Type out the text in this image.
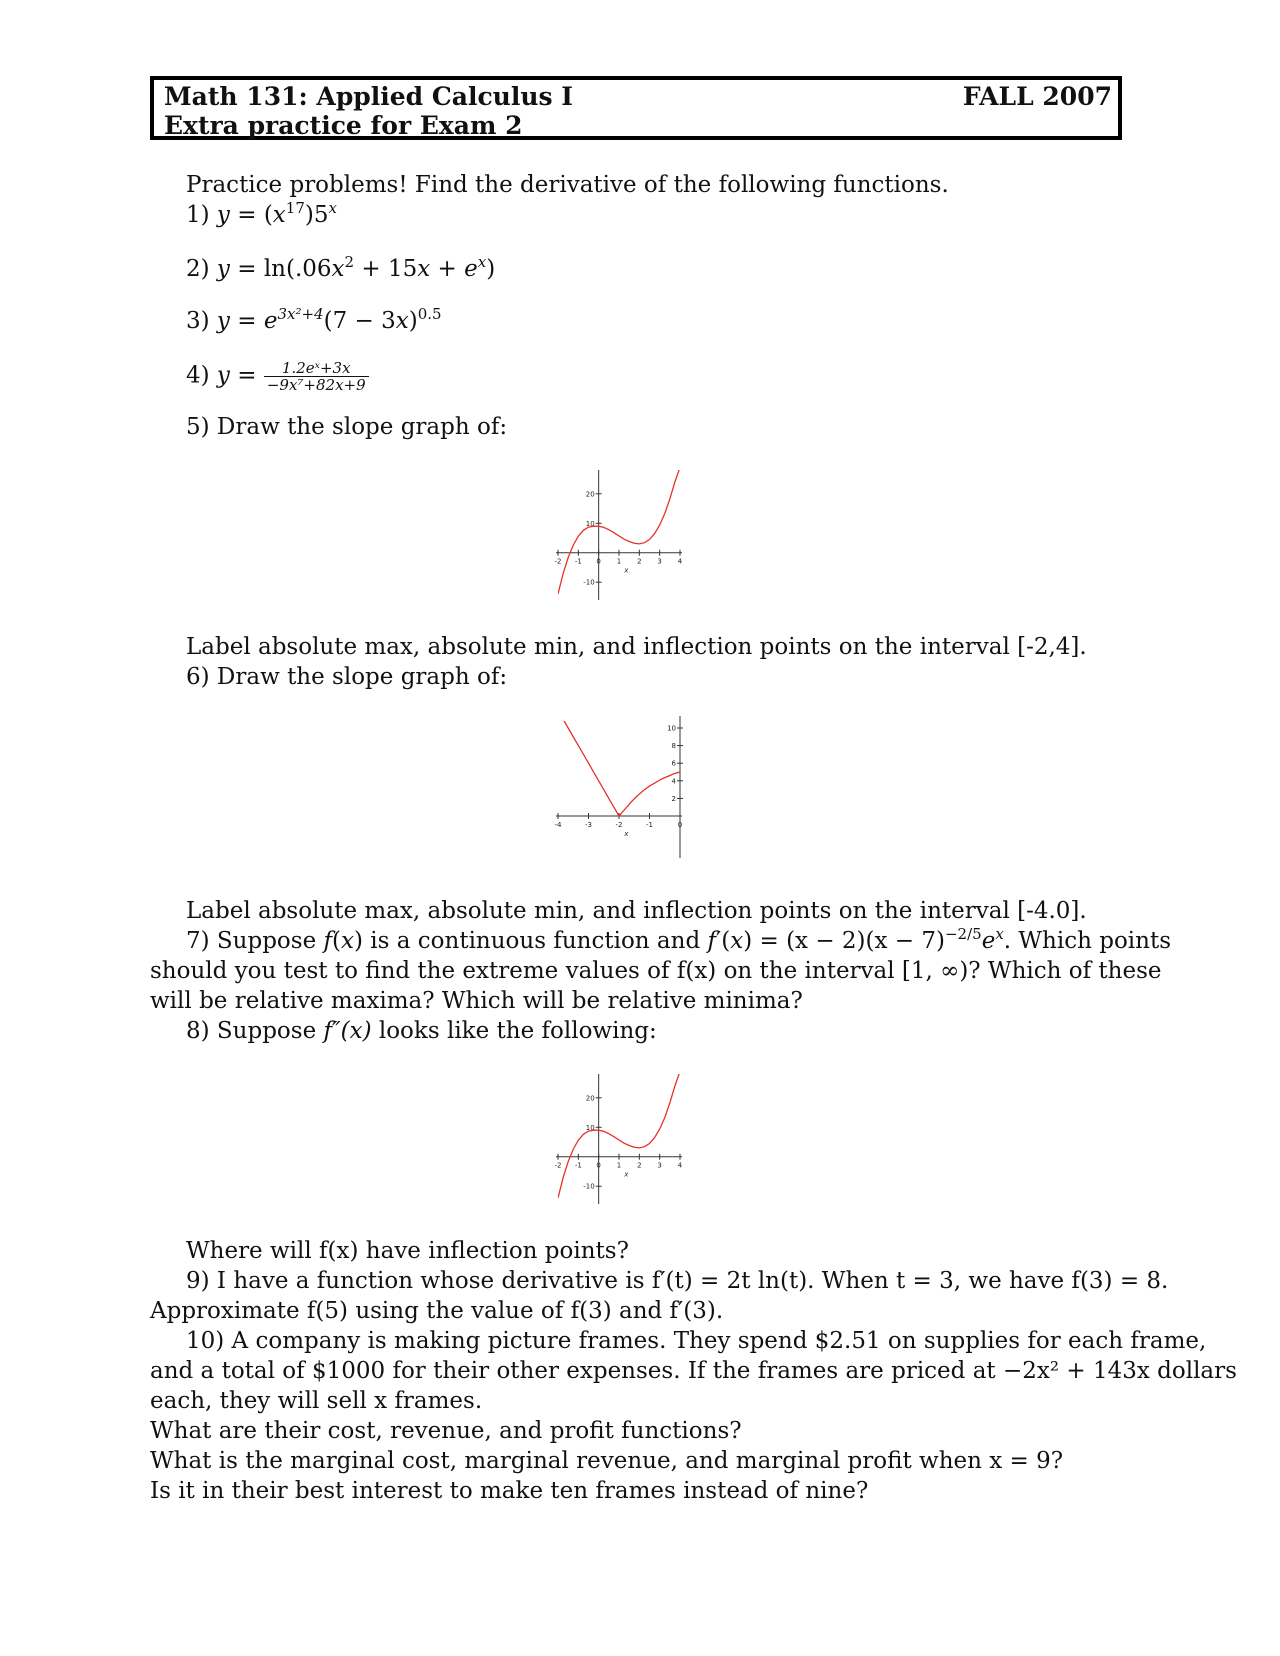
Math 131: Applied Calculus I
Extra practice for Exam 2
FALL 2007
Practice problems! Find the derivative of the following functions.
1) $y = (x^{17})5^x$
2) $y = \ln(.06x^2 + 15x + e^x)$
3) $y = e^{3x^2+4}(7 - 3x)^{0.5}$
4) $y = \frac{\text{1.2eˣ+3x}}{\text{−9x⁷+82x+9}}$
5) Draw the slope graph of:
-2 -1 0 1 2 3 4
20
10
-10
x
Label absolute max, absolute min, and inflection points on the interval [-2,4].
6) Draw the slope graph of:
-4	-3	-2	-1	0
10
8
6
4
2
x
Label absolute max, absolute min, and inflection points on the interval [-4.0].
7) Suppose f(x) is a continuous function and $f'(x) = (x - 2)(x - 7)^{-2/5}e^x$. Which points
should you test to find the extreme values of f(x) on the interval [1, ∞)? Which of these
will be relative maxima? Which will be relative minima?
8) Suppose f″(x) looks like the following:
-2 -1 0 1 2 3 4
20
10
-10
x
Where will f(x) have inflection points?
9) I have a function whose derivative is f′(t) = 2t ln(t). When t = 3, we have f(3) = 8.
Approximate f(5) using the value of f(3) and f′(3).
10) A company is making picture frames. They spend $2.51 on supplies for each frame,
and a total of $1000 for their other expenses. If the frames are priced at −2x² + 143x dollars
each, they will sell x frames.
What are their cost, revenue, and profit functions?
What is the marginal cost, marginal revenue, and marginal profit when x = 9?
Is it in their best interest to make ten frames instead of nine?
